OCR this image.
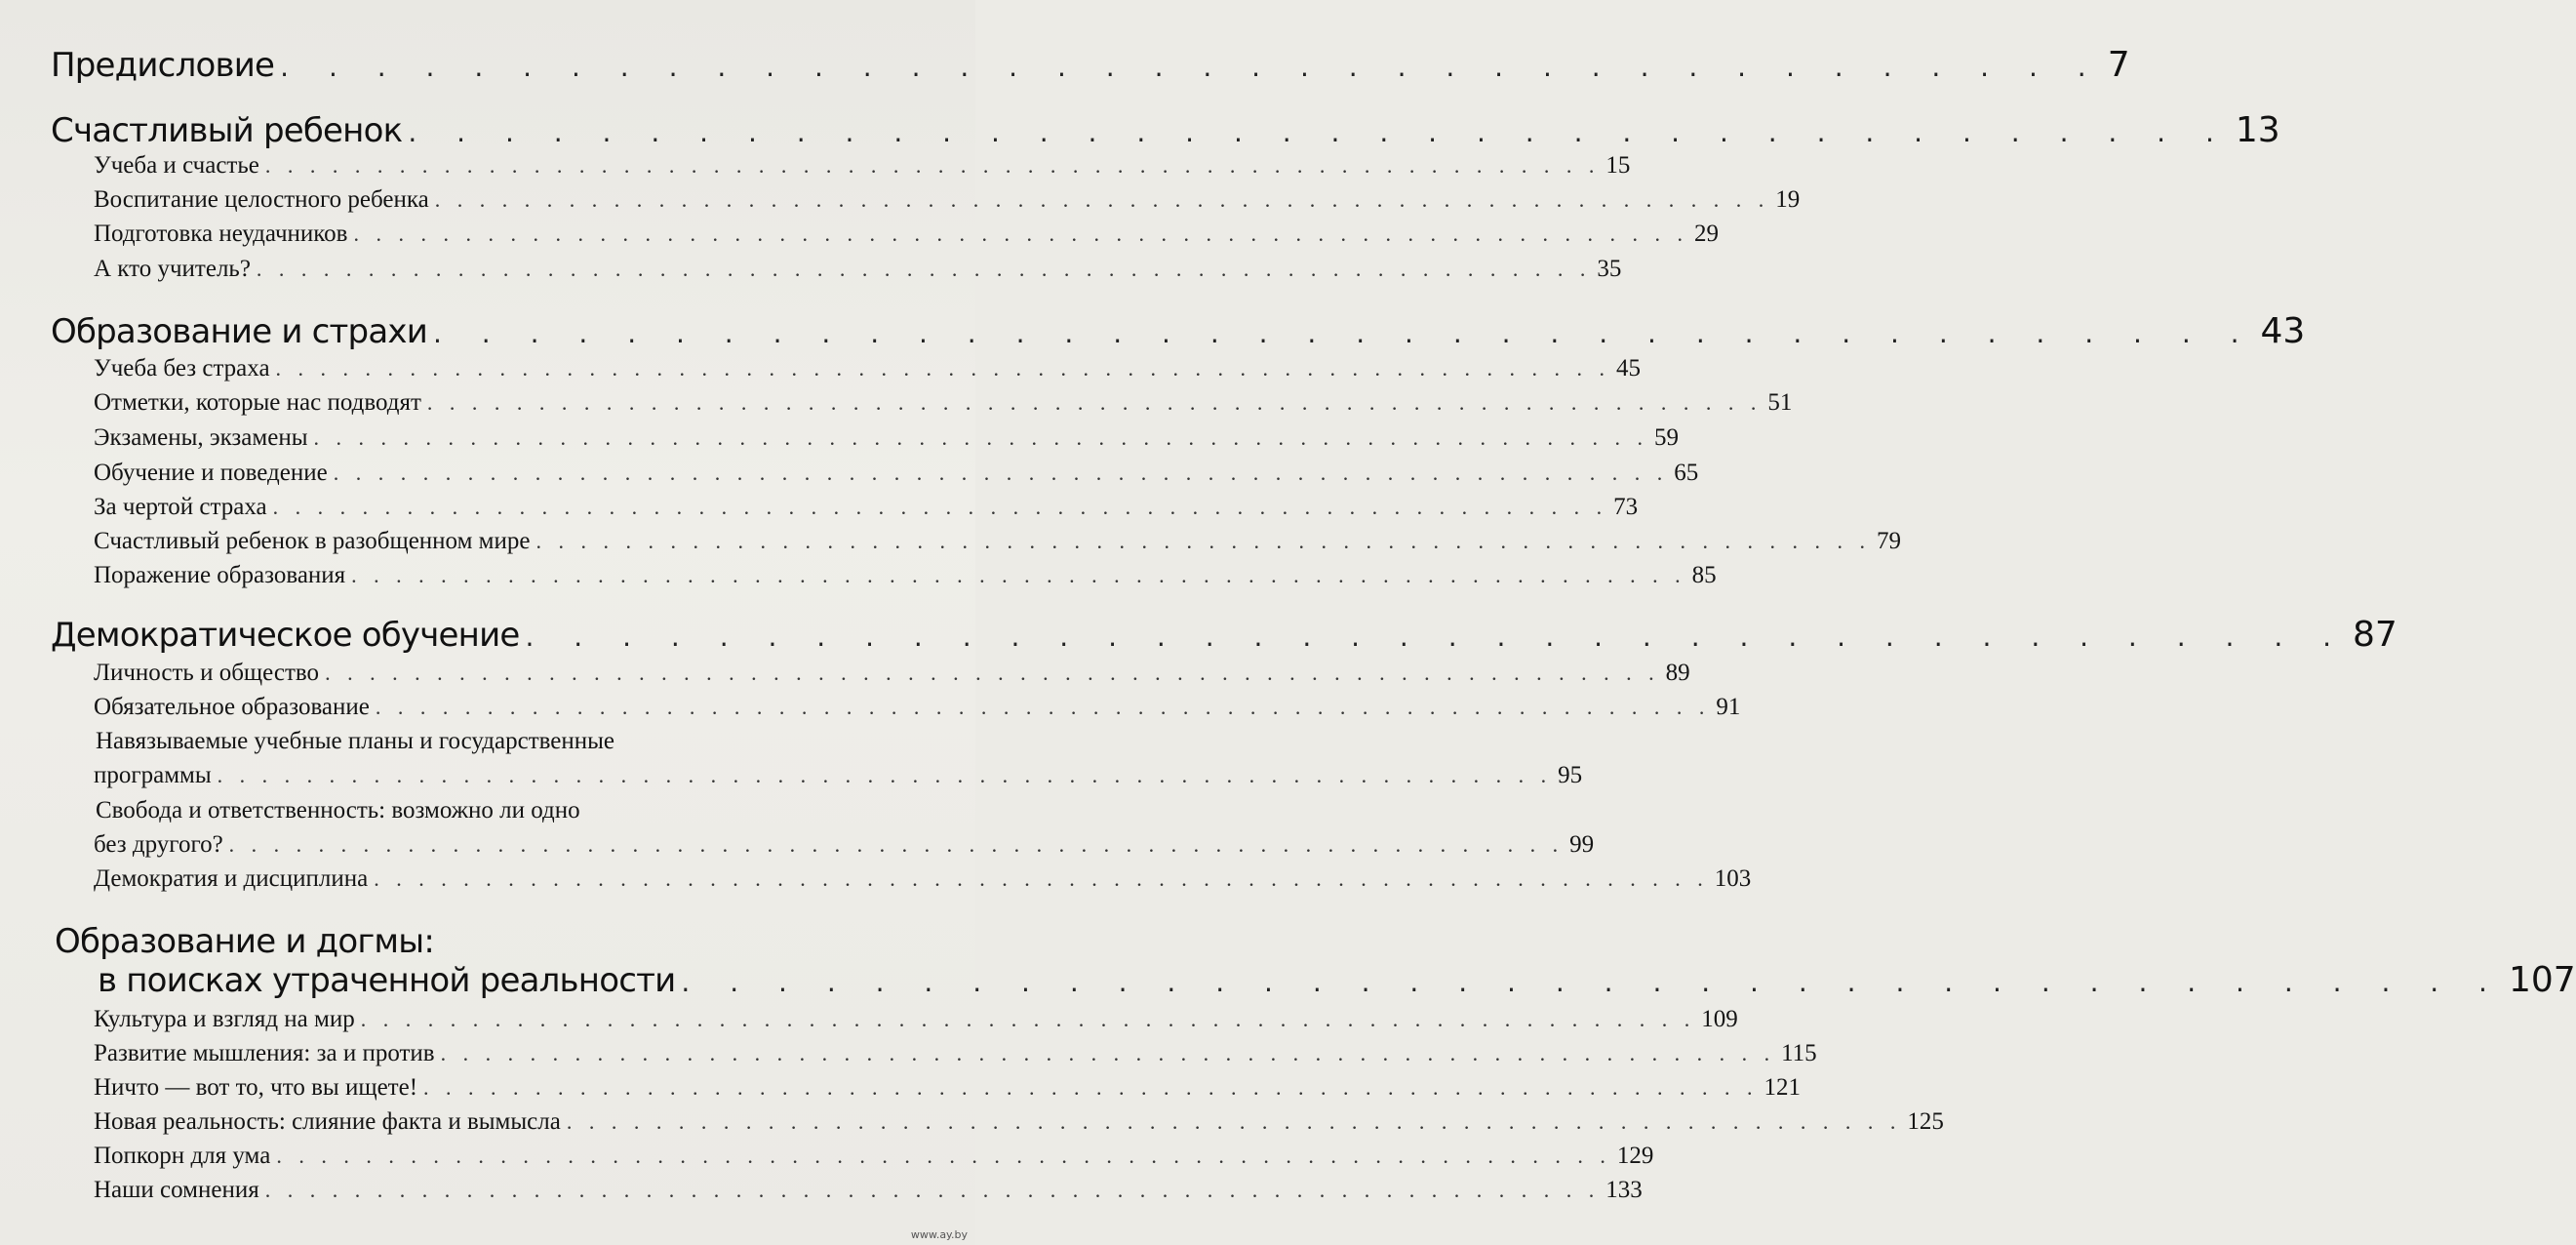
Предисловие . . . . . . . . . . . . . . . . . . . . . . . . . . . . . . . . . . . . . . 7
Счастливый ребенок . . . . . . . . . . . . . . . . . . . . . . . . . . . . . . . . . . . . . . 13
Учеба и счастье . . . . . . . . . . . . . . . . . . . . . . . . . . . . . . . . . . . . . . . . . . . . . . . . . . . . . . . . . . . . 15
Воспитание целостного ребенка . . . . . . . . . . . . . . . . . . . . . . . . . . . . . . . . . . . . . . . . . . . . . . . . . . . . . . . . . . . . 19
Подготовка неудачников . . . . . . . . . . . . . . . . . . . . . . . . . . . . . . . . . . . . . . . . . . . . . . . . . . . . . . . . . . . . 29
А кто учитель? . . . . . . . . . . . . . . . . . . . . . . . . . . . . . . . . . . . . . . . . . . . . . . . . . . . . . . . . . . . . 35
Образование и страхи . . . . . . . . . . . . . . . . . . . . . . . . . . . . . . . . . . . . . . 43
Учеба без страха . . . . . . . . . . . . . . . . . . . . . . . . . . . . . . . . . . . . . . . . . . . . . . . . . . . . . . . . . . . . 45
Отметки, которые нас подводят . . . . . . . . . . . . . . . . . . . . . . . . . . . . . . . . . . . . . . . . . . . . . . . . . . . . . . . . . . . . 51
Экзамены, экзамены . . . . . . . . . . . . . . . . . . . . . . . . . . . . . . . . . . . . . . . . . . . . . . . . . . . . . . . . . . . . 59
Обучение и поведение . . . . . . . . . . . . . . . . . . . . . . . . . . . . . . . . . . . . . . . . . . . . . . . . . . . . . . . . . . . . 65
За чертой страха . . . . . . . . . . . . . . . . . . . . . . . . . . . . . . . . . . . . . . . . . . . . . . . . . . . . . . . . . . . . 73
Счастливый ребенок в разобщенном мире . . . . . . . . . . . . . . . . . . . . . . . . . . . . . . . . . . . . . . . . . . . . . . . . . . . . . . . . . . . . 79
Поражение образования . . . . . . . . . . . . . . . . . . . . . . . . . . . . . . . . . . . . . . . . . . . . . . . . . . . . . . . . . . . . 85
Демократическое обучение . . . . . . . . . . . . . . . . . . . . . . . . . . . . . . . . . . . . . . 87
Личность и общество . . . . . . . . . . . . . . . . . . . . . . . . . . . . . . . . . . . . . . . . . . . . . . . . . . . . . . . . . . . . 89
Обязательное образование . . . . . . . . . . . . . . . . . . . . . . . . . . . . . . . . . . . . . . . . . . . . . . . . . . . . . . . . . . . . 91
Навязываемые учебные планы и государственные
программы . . . . . . . . . . . . . . . . . . . . . . . . . . . . . . . . . . . . . . . . . . . . . . . . . . . . . . . . . . . . 95
Свобода и ответственность: возможно ли одно
без другого? . . . . . . . . . . . . . . . . . . . . . . . . . . . . . . . . . . . . . . . . . . . . . . . . . . . . . . . . . . . . 99
Демократия и дисциплина . . . . . . . . . . . . . . . . . . . . . . . . . . . . . . . . . . . . . . . . . . . . . . . . . . . . . . . . . . . . 103
Образование и догмы:
в поисках утраченной реальности . . . . . . . . . . . . . . . . . . . . . . . . . . . . . . . . . . . . . . 107
Культура и взгляд на мир . . . . . . . . . . . . . . . . . . . . . . . . . . . . . . . . . . . . . . . . . . . . . . . . . . . . . . . . . . . . 109
Развитие мышления: за и против . . . . . . . . . . . . . . . . . . . . . . . . . . . . . . . . . . . . . . . . . . . . . . . . . . . . . . . . . . . . 115
Ничто — вот то, что вы ищете! . . . . . . . . . . . . . . . . . . . . . . . . . . . . . . . . . . . . . . . . . . . . . . . . . . . . . . . . . . . . 121
Новая реальность: слияние факта и вымысла . . . . . . . . . . . . . . . . . . . . . . . . . . . . . . . . . . . . . . . . . . . . . . . . . . . . . . . . . . . . 125
Попкорн для ума . . . . . . . . . . . . . . . . . . . . . . . . . . . . . . . . . . . . . . . . . . . . . . . . . . . . . . . . . . . . 129
Наши сомнения . . . . . . . . . . . . . . . . . . . . . . . . . . . . . . . . . . . . . . . . . . . . . . . . . . . . . . . . . . . . 133
www.ay.by
